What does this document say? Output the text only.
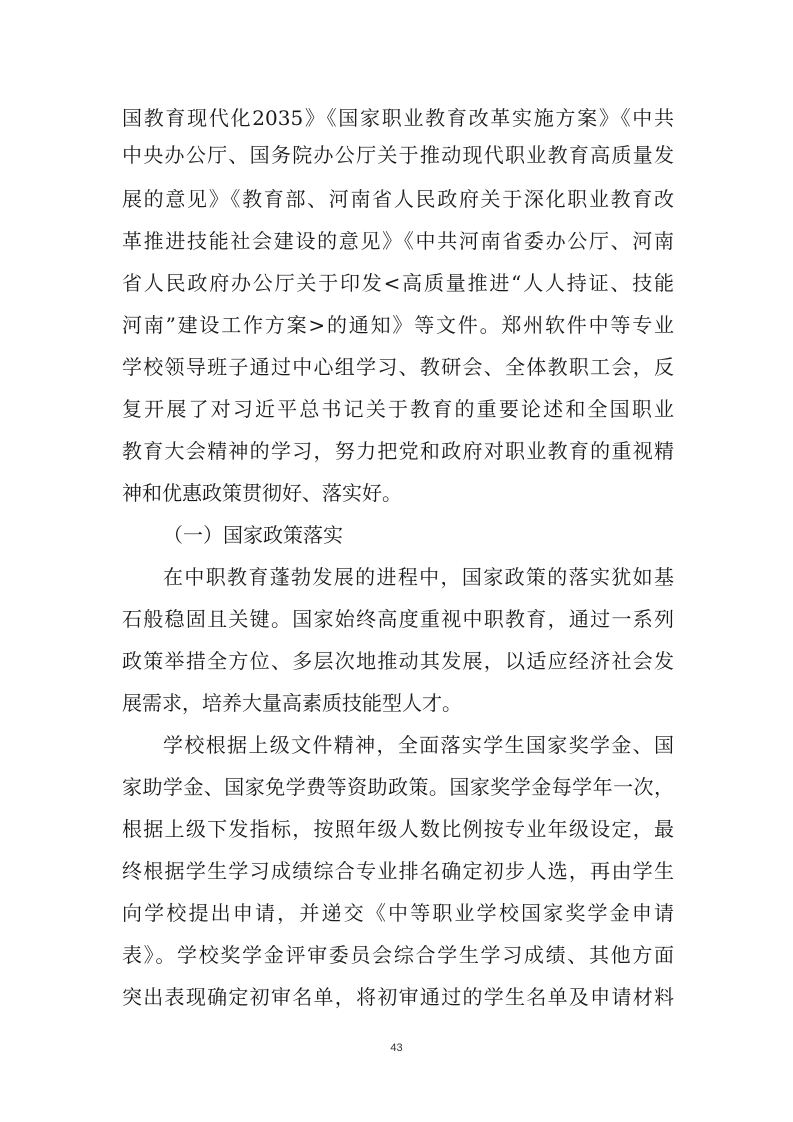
国教育现代化2035》《国家职业教育改革实施方案》《中共
中央办公厅、国务院办公厅关于推动现代职业教育高质量发
展的意见》《教育部、河南省人民政府关于深化职业教育改
革推进技能社会建设的意见》《中共河南省委办公厅、河南
省人民政府办公厅关于印发<高质量推进“人人持证、技能
河南”建设工作方案>的通知》等文件。郑州软件中等专业
学校领导班子通过中心组学习、教研会、全体教职工会，反
复开展了对习近平总书记关于教育的重要论述和全国职业
教育大会精神的学习，努力把党和政府对职业教育的重视精
神和优惠政策贯彻好、落实好。
（一）国家政策落实
在中职教育蓬勃发展的进程中，国家政策的落实犹如基
石般稳固且关键。国家始终高度重视中职教育，通过一系列
政策举措全方位、多层次地推动其发展，以适应经济社会发
展需求，培养大量高素质技能型人才。
学校根据上级文件精神，全面落实学生国家奖学金、国
家助学金、国家免学费等资助政策。国家奖学金每学年一次，
根据上级下发指标，按照年级人数比例按专业年级设定，最
终根据学生学习成绩综合专业排名确定初步人选，再由学生
向学校提出申请，并递交《中等职业学校国家奖学金申请
表》。学校奖学金评审委员会综合学生学习成绩、其他方面
突出表现确定初审名单，将初审通过的学生名单及申请材料
43
